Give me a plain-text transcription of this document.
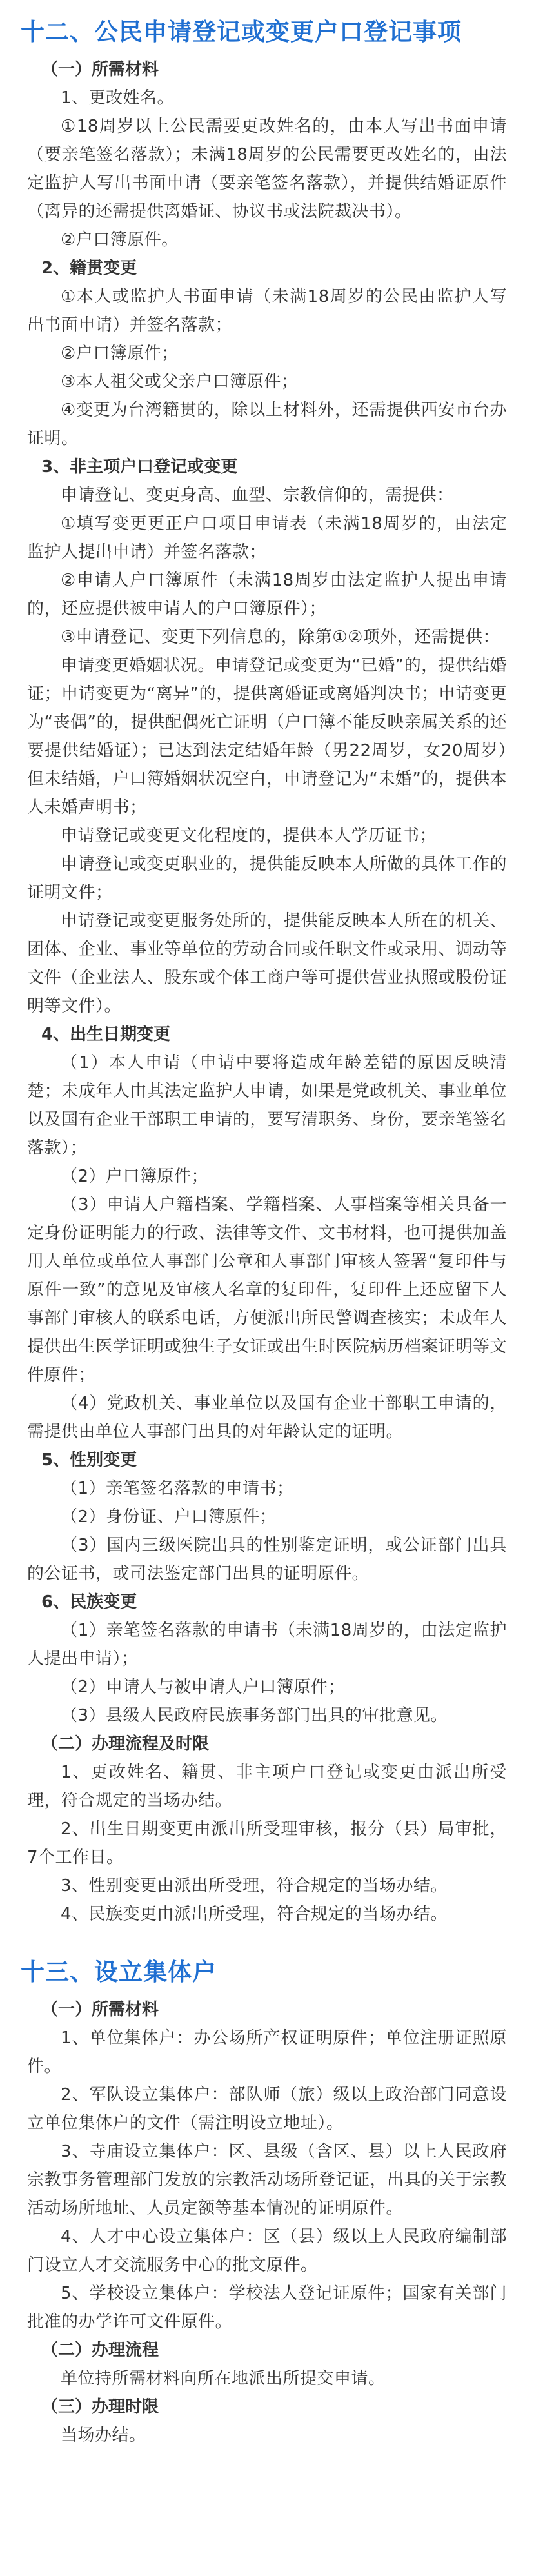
十二、公民申请登记或变更户口登记事项
（一）所需材料
1、更改姓名。
①18周岁以上公民需要更改姓名的，由本人写出书面申请（要亲笔签名落款）；未满18周岁的公民需要更改姓名的，由法定监护人写出书面申请（要亲笔签名落款），并提供结婚证原件（离异的还需提供离婚证、协议书或法院裁决书）。
②户口簿原件。
2、籍贯变更
①本人或监护人书面申请（未满18周岁的公民由监护人写出书面申请）并签名落款；
②户口簿原件；
③本人祖父或父亲户口簿原件；
④变更为台湾籍贯的，除以上材料外，还需提供西安市台办证明。
3、非主项户口登记或变更
申请登记、变更身高、血型、宗教信仰的，需提供：
①填写变更更正户口项目申请表（未满18周岁的，由法定监护人提出申请）并签名落款；
②申请人户口簿原件（未满18周岁由法定监护人提出申请的，还应提供被申请人的户口簿原件）；
③申请登记、变更下列信息的，除第①②项外，还需提供：
申请变更婚姻状况。申请登记或变更为“已婚”的，提供结婚证；申请变更为“离异”的，提供离婚证或离婚判决书；申请变更为“丧偶”的，提供配偶死亡证明（户口簿不能反映亲属关系的还要提供结婚证）；已达到法定结婚年龄（男22周岁，女20周岁）但未结婚，户口簿婚姻状况空白，申请登记为“未婚”的，提供本人未婚声明书；
申请登记或变更文化程度的，提供本人学历证书；
申请登记或变更职业的，提供能反映本人所做的具体工作的证明文件；
申请登记或变更服务处所的，提供能反映本人所在的机关、团体、企业、事业等单位的劳动合同或任职文件或录用、调动等文件（企业法人、股东或个体工商户等可提供营业执照或股份证明等文件）。
4、出生日期变更
（1）本人申请（申请中要将造成年龄差错的原因反映清楚；未成年人由其法定监护人申请，如果是党政机关、事业单位以及国有企业干部职工申请的，要写清职务、身份，要亲笔签名落款）；
（2）户口簿原件；
（3）申请人户籍档案、学籍档案、人事档案等相关具备一定身份证明能力的行政、法律等文件、文书材料，也可提供加盖用人单位或单位人事部门公章和人事部门审核人签署“复印件与原件一致”的意见及审核人名章的复印件，复印件上还应留下人事部门审核人的联系电话，方便派出所民警调查核实；未成年人提供出生医学证明或独生子女证或出生时医院病历档案证明等文件原件；
（4）党政机关、事业单位以及国有企业干部职工申请的，需提供由单位人事部门出具的对年龄认定的证明。
5、性别变更
（1）亲笔签名落款的申请书；
（2）身份证、户口簿原件；
（3）国内三级医院出具的性别鉴定证明，或公证部门出具的公证书，或司法鉴定部门出具的证明原件。
6、民族变更
（1）亲笔签名落款的申请书（未满18周岁的，由法定监护人提出申请）；
（2）申请人与被申请人户口簿原件；
（3）县级人民政府民族事务部门出具的审批意见。
（二）办理流程及时限
1、更改姓名、籍贯、非主项户口登记或变更由派出所受理，符合规定的当场办结。
2、出生日期变更由派出所受理审核，报分（县）局审批，7个工作日。
3、性别变更由派出所受理，符合规定的当场办结。
4、民族变更由派出所受理，符合规定的当场办结。
十三、设立集体户
（一）所需材料
1、单位集体户：办公场所产权证明原件；单位注册证照原件。
2、军队设立集体户：部队师（旅）级以上政治部门同意设立单位集体户的文件（需注明设立地址）。
3、寺庙设立集体户：区、县级（含区、县）以上人民政府宗教事务管理部门发放的宗教活动场所登记证，出具的关于宗教活动场所地址、人员定额等基本情况的证明原件。
4、人才中心设立集体户：区（县）级以上人民政府编制部门设立人才交流服务中心的批文原件。
5、学校设立集体户：学校法人登记证原件；国家有关部门批准的办学许可文件原件。
（二）办理流程
单位持所需材料向所在地派出所提交申请。
（三）办理时限
当场办结。
